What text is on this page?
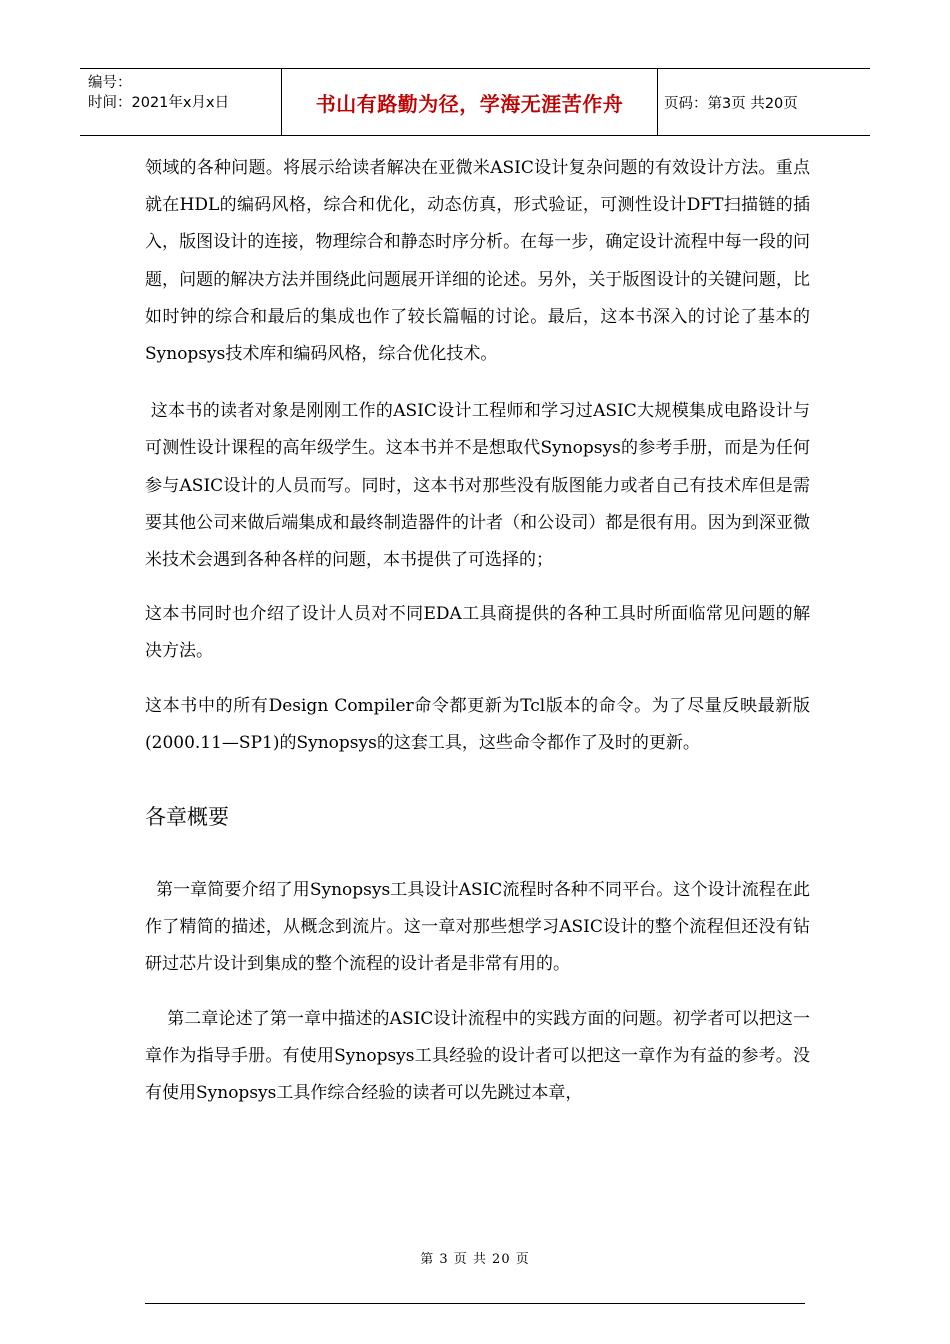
编号：
时间：2021年x月x日	书山有路勤为径，学海无涯苦作舟	页码：第3页 共20页

领域的各种问题。将展示给读者解决在亚微米ASIC设计复杂问题的有效设计方法。重点就在HDL的编码风格，综合和优化，动态仿真，形式验证，可测性设计DFT扫描链的插入，版图设计的连接，物理综合和静态时序分析。在每一步，确定设计流程中每一段的问题，问题的解决方法并围绕此问题展开详细的论述。另外，关于版图设计的关键问题，比如时钟的综合和最后的集成也作了较长篇幅的讨论。最后，这本书深入的讨论了基本的Synopsys技术库和编码风格，综合优化技术。

这本书的读者对象是刚刚工作的ASIC设计工程师和学习过ASIC大规模集成电路设计与可测性设计课程的高年级学生。这本书并不是想取代Synopsys的参考手册，而是为任何参与ASIC设计的人员而写。同时，这本书对那些没有版图能力或者自己有技术库但是需要其他公司来做后端集成和最终制造器件的计者（和公设司）都是很有用。因为到深亚微米技术会遇到各种各样的问题，本书提供了可选择的；

这本书同时也介绍了设计人员对不同EDA工具商提供的各种工具时所面临常见问题的解决方法。

这本书中的所有Design Compiler命令都更新为Tcl版本的命令。为了尽量反映最新版(2000.11—SP1)的Synopsys的这套工具，这些命令都作了及时的更新。

各章概要

第一章简要介绍了用Synopsys工具设计ASIC流程时各种不同平台。这个设计流程在此作了精简的描述，从概念到流片。这一章对那些想学习ASIC设计的整个流程但还没有钻研过芯片设计到集成的整个流程的设计者是非常有用的。

第二章论述了第一章中描述的ASIC设计流程中的实践方面的问题。初学者可以把这一章作为指导手册。有使用Synopsys工具经验的设计者可以把这一章作为有益的参考。没有使用Synopsys工具作综合经验的读者可以先跳过本章，

第 3 页 共 20 页
